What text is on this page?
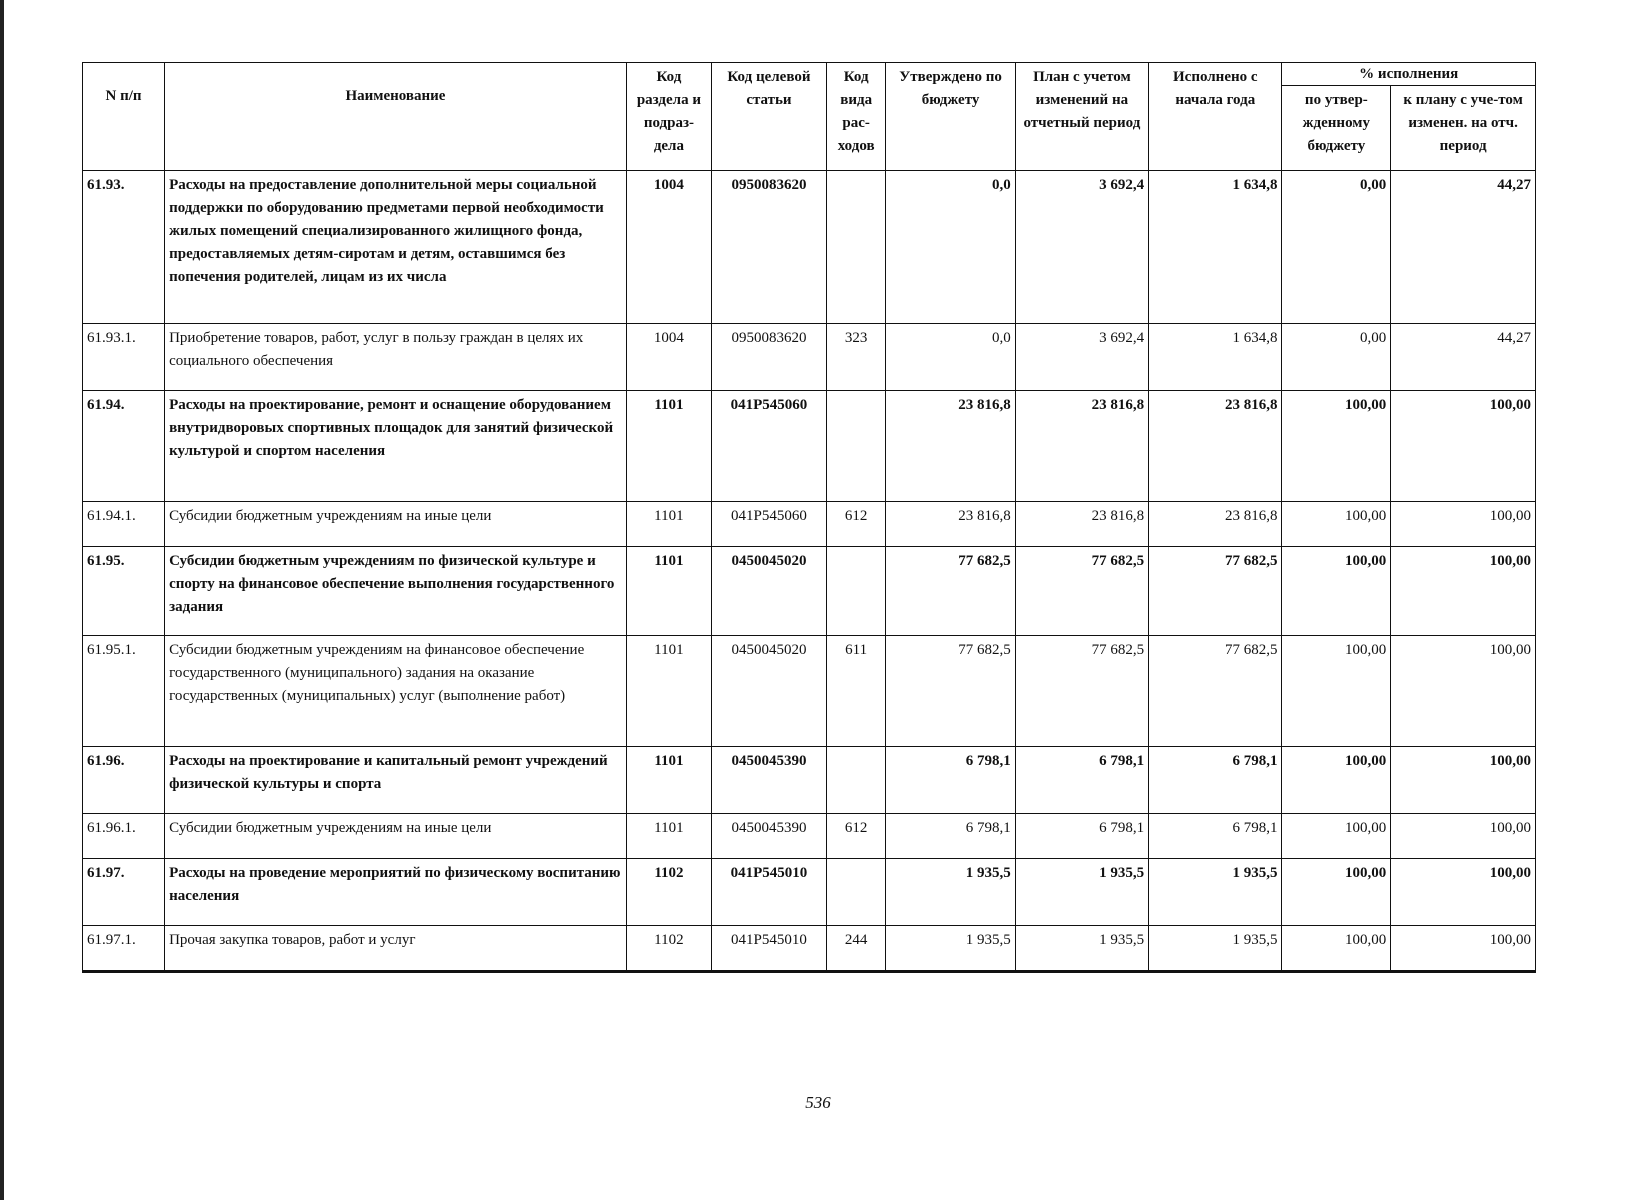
N п/п	Наименование	Код раздела и подраз-дела	Код целевой статьи	Код вида рас-ходов	Утверждено по бюджету	План с учетом изменений на отчетный период	Исполнено с начала года	% исполнения	
								по утвер-жденному бюджету	к плану с уче-том изменен. на отч. период
61.93.	Расходы на предоставление дополнительной меры социальной поддержки по оборудованию предметами первой необходимости жилых помещений специализированного жилищного фонда, предоставляемых детям-сиротам и детям, оставшимся без попечения родителей, лицам из их числа	1004	0950083620		0,0	3 692,4	1 634,8	0,00	44,27
61.93.1.	Приобретение товаров, работ, услуг в пользу граждан в целях их социального обеспечения	1004	0950083620	323	0,0	3 692,4	1 634,8	0,00	44,27
61.94.	Расходы на проектирование, ремонт и оснащение оборудованием внутридворовых спортивных площадок для занятий физической культурой и спортом населения	1101	041P545060		23 816,8	23 816,8	23 816,8	100,00	100,00
61.94.1.	Субсидии бюджетным учреждениям на иные цели	1101	041P545060	612	23 816,8	23 816,8	23 816,8	100,00	100,00
61.95.	Субсидии бюджетным учреждениям по физической культуре и спорту на финансовое обеспечение выполнения государственного задания	1101	0450045020		77 682,5	77 682,5	77 682,5	100,00	100,00
61.95.1.	Субсидии бюджетным учреждениям на финансовое обеспечение государственного (муниципального) задания на оказание государственных (муниципальных) услуг (выполнение работ)	1101	0450045020	611	77 682,5	77 682,5	77 682,5	100,00	100,00
61.96.	Расходы на проектирование и капитальный ремонт учреждений физической культуры и спорта	1101	0450045390		6 798,1	6 798,1	6 798,1	100,00	100,00
61.96.1.	Субсидии бюджетным учреждениям на иные цели	1101	0450045390	612	6 798,1	6 798,1	6 798,1	100,00	100,00
61.97.	Расходы на проведение мероприятий по физическому воспитанию населения	1102	041P545010		1 935,5	1 935,5	1 935,5	100,00	100,00
61.97.1.	Прочая закупка товаров, работ и услуг	1102	041P545010	244	1 935,5	1 935,5	1 935,5	100,00	100,00
536
